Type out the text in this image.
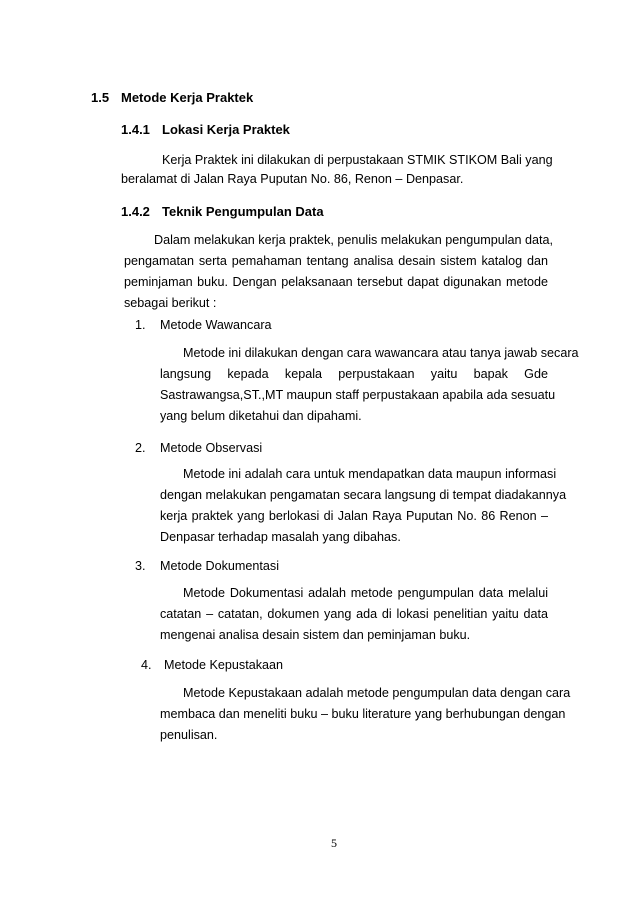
1.5 Metode Kerja Praktek
1.4.1 Lokasi Kerja Praktek
Kerja Praktek ini dilakukan di perpustakaan STMIK STIKOM Bali yang
beralamat di Jalan Raya Puputan No. 86, Renon – Denpasar.
1.4.2 Teknik Pengumpulan Data
Dalam melakukan kerja praktek, penulis melakukan pengumpulan data,
pengamatan serta pemahaman tentang analisa desain sistem katalog dan
peminjaman buku. Dengan pelaksanaan tersebut dapat digunakan metode
sebagai berikut :
1. Metode Wawancara
Metode ini dilakukan dengan cara wawancara atau tanya jawab secara
langsung kepada kepala perpustakaan yaitu bapak Gde
Sastrawangsa,ST.,MT maupun staff perpustakaan apabila ada sesuatu
yang belum diketahui dan dipahami.
2. Metode Observasi
Metode ini adalah cara untuk mendapatkan data maupun informasi
dengan melakukan pengamatan secara langsung di tempat diadakannya
kerja praktek yang berlokasi di Jalan Raya Puputan No. 86 Renon –
Denpasar terhadap masalah yang dibahas.
3. Metode Dokumentasi
Metode Dokumentasi adalah metode pengumpulan data melalui
catatan – catatan, dokumen yang ada di lokasi penelitian yaitu data
mengenai analisa desain sistem dan peminjaman buku.
4. Metode Kepustakaan
Metode Kepustakaan adalah metode pengumpulan data dengan cara
membaca dan meneliti buku – buku literature yang berhubungan dengan
penulisan.
5
